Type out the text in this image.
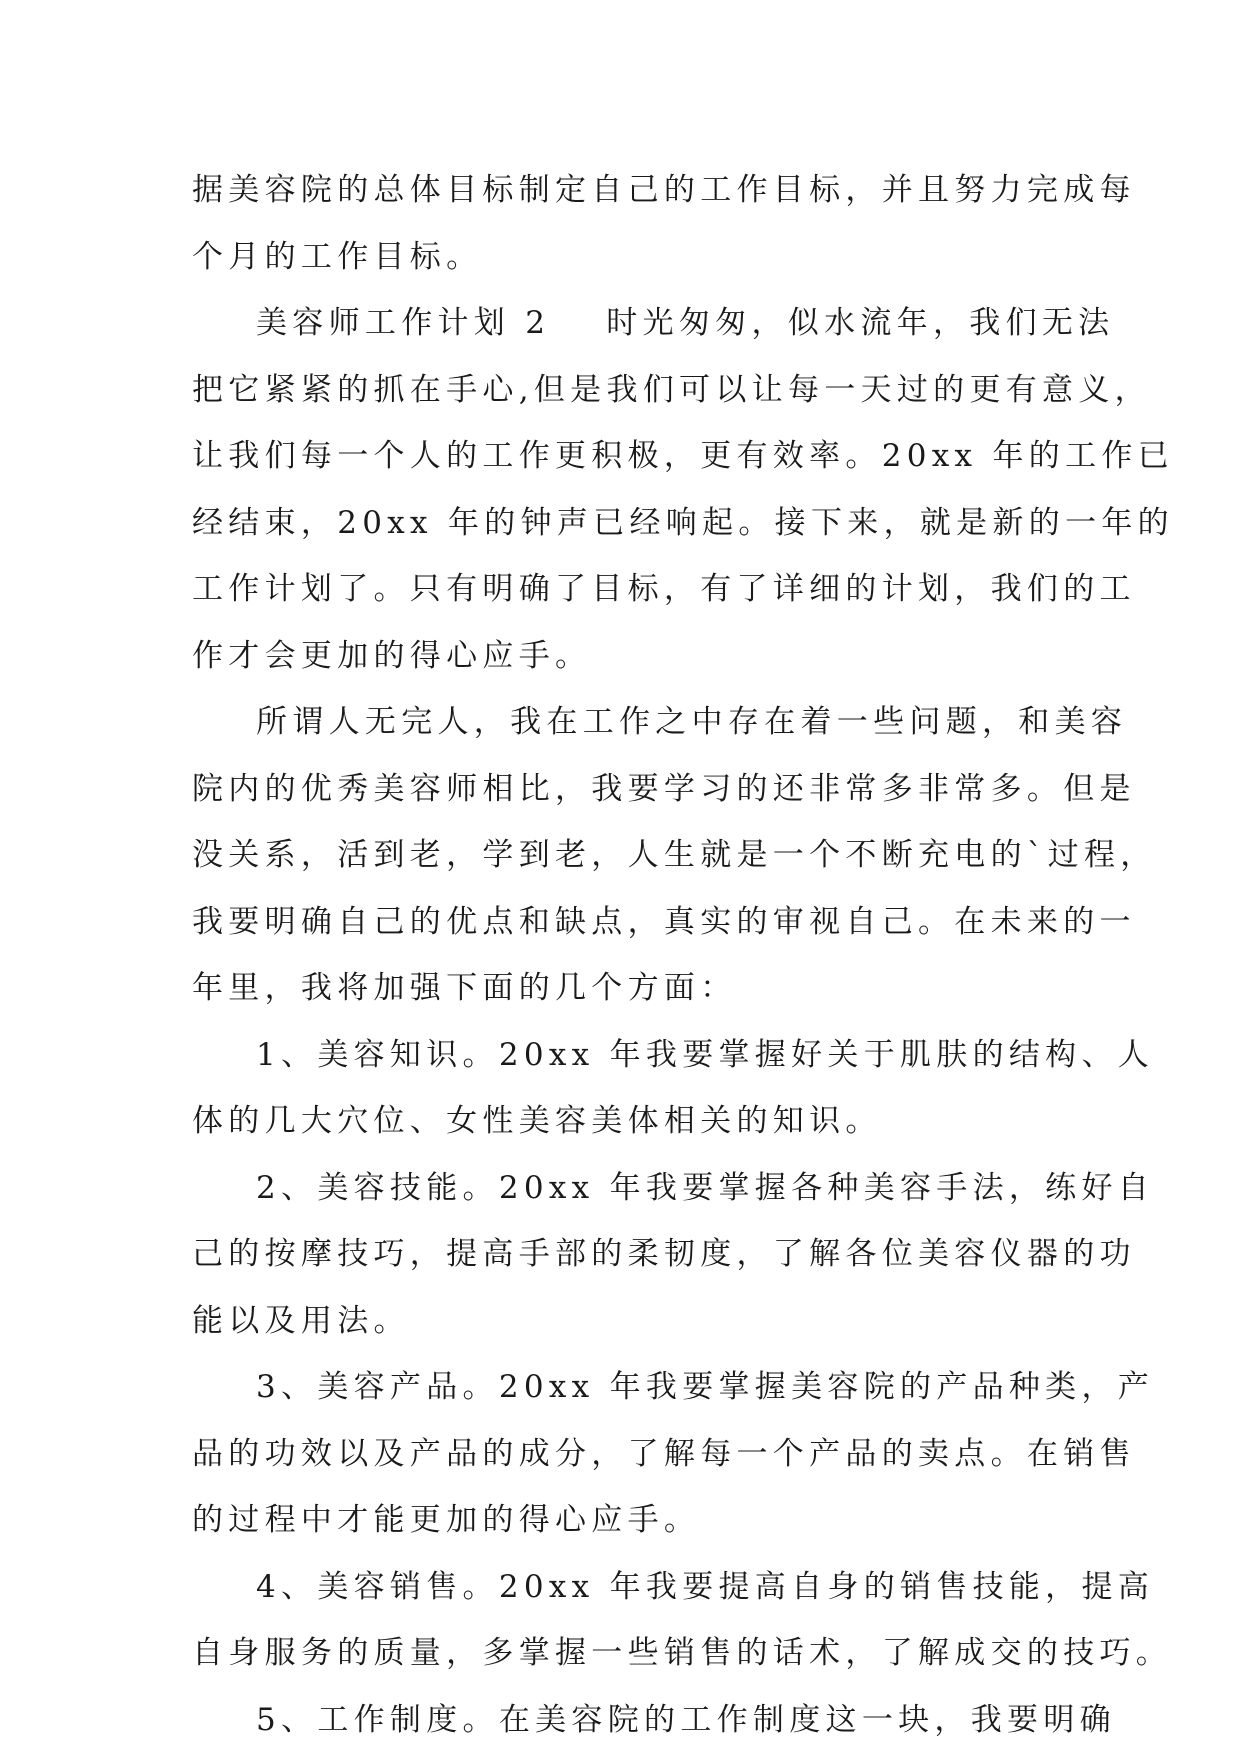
据美容院的总体目标制定自己的工作目标，并且努力完成每
个月的工作目标。
美容师工作计划 2 时光匆匆，似水流年，我们无法
把它紧紧的抓在手心,但是我们可以让每一天过的更有意义，
让我们每一个人的工作更积极，更有效率。20xx 年的工作已
经结束，20xx 年的钟声已经响起。接下来，就是新的一年的
工作计划了。只有明确了目标，有了详细的计划，我们的工
作才会更加的得心应手。
所谓人无完人，我在工作之中存在着一些问题，和美容
院内的优秀美容师相比，我要学习的还非常多非常多。但是
没关系，活到老，学到老，人生就是一个不断充电的`过程，
我要明确自己的优点和缺点，真实的审视自己。在未来的一
年里，我将加强下面的几个方面：
1、美容知识。20xx 年我要掌握好关于肌肤的结构、人
体的几大穴位、女性美容美体相关的知识。
2、美容技能。20xx 年我要掌握各种美容手法，练好自
己的按摩技巧，提高手部的柔韧度，了解各位美容仪器的功
能以及用法。
3、美容产品。20xx 年我要掌握美容院的产品种类，产
品的功效以及产品的成分，了解每一个产品的卖点。在销售
的过程中才能更加的得心应手。
4、美容销售。20xx 年我要提高自身的销售技能，提高
自身服务的质量，多掌握一些销售的话术，了解成交的技巧。
5、工作制度。在美容院的工作制度这一块，我要明确
